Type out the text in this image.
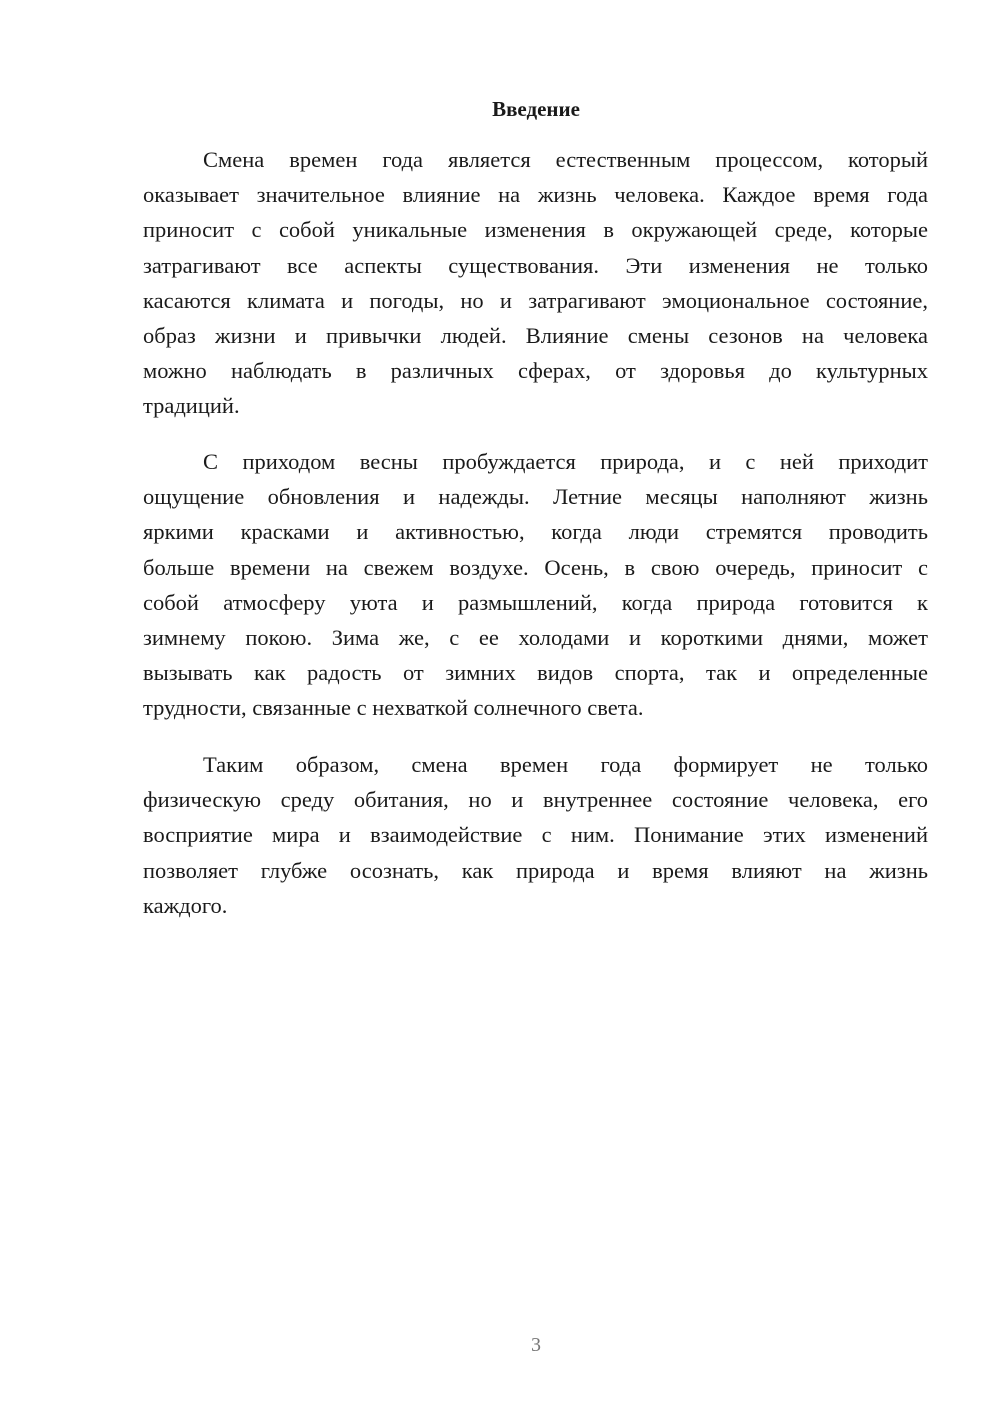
Введение
Смена времен года является естественным процессом, который
оказывает значительное влияние на жизнь человека. Каждое время года
приносит с собой уникальные изменения в окружающей среде, которые
затрагивают все аспекты существования. Эти изменения не только
касаются климата и погоды, но и затрагивают эмоциональное состояние,
образ жизни и привычки людей. Влияние смены сезонов на человека
можно наблюдать в различных сферах, от здоровья до культурных
традиций.
С приходом весны пробуждается природа, и с ней приходит
ощущение обновления и надежды. Летние месяцы наполняют жизнь
яркими красками и активностью, когда люди стремятся проводить
больше времени на свежем воздухе. Осень, в свою очередь, приносит с
собой атмосферу уюта и размышлений, когда природа готовится к
зимнему покою. Зима же, с ее холодами и короткими днями, может
вызывать как радость от зимних видов спорта, так и определенные
трудности, связанные с нехваткой солнечного света.
Таким образом, смена времен года формирует не только
физическую среду обитания, но и внутреннее состояние человека, его
восприятие мира и взаимодействие с ним. Понимание этих изменений
позволяет глубже осознать, как природа и время влияют на жизнь
каждого.
3
